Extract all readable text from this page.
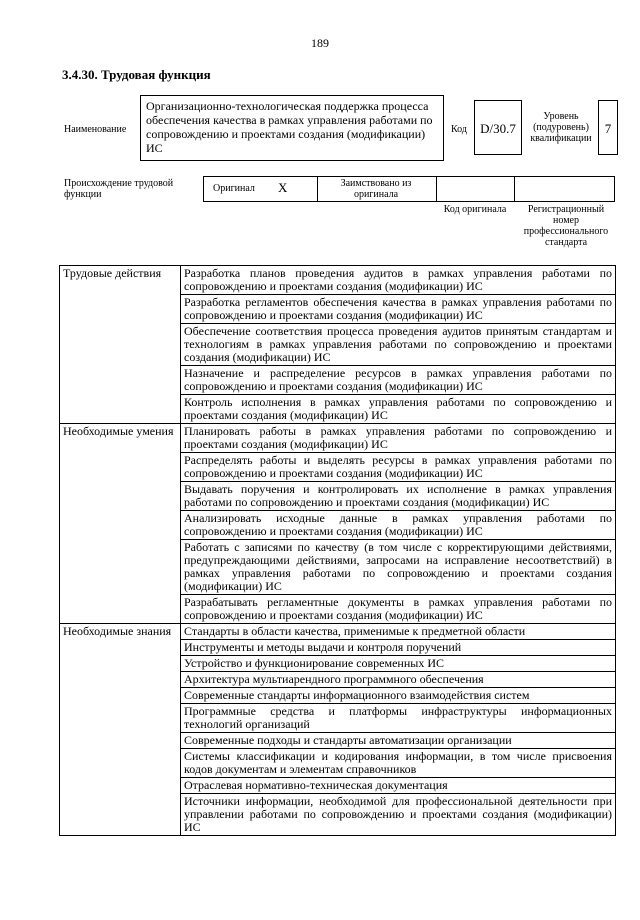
189
3.4.30. Трудовая функция
Наименование
Организационно-технологическая поддержка процесса обеспечения качества в рамках управления работами по сопровождению и проектами создания (модификации) ИС
Код	D/30.7
Уровень (подуровень) квалификации
7
Происхождение трудовой функции
Оригинал X	Заимствовано из оригинала
Код оригинала	Регистрационный номер профессионального стандарта
Трудовые действия	Разработка планов проведения аудитов в рамках управления работами по сопровождению и проектами создания (модификации) ИС
	Разработка регламентов обеспечения качества в рамках управления работами по сопровождению и проектами создания (модификации) ИС
	Обеспечение соответствия процесса проведения аудитов принятым стандартам и технологиям в рамках управления работами по сопровождению и проектами создания (модификации) ИС
	Назначение и распределение ресурсов в рамках управления работами по сопровождению и проектами создания (модификации) ИС
	Контроль исполнения в рамках управления работами по сопровождению и проектами создания (модификации) ИС
Необходимые умения	Планировать работы в рамках управления работами по сопровождению и проектами создания (модификации) ИС
	Распределять работы и выделять ресурсы в рамках управления работами по сопровождению и проектами создания (модификации) ИС
	Выдавать поручения и контролировать их исполнение в рамках управления работами по сопровождению и проектами создания (модификации) ИС
	Анализировать исходные данные в рамках управления работами по сопровождению и проектами создания (модификации) ИС
	Работать с записями по качеству (в том числе с корректирующими действиями, предупреждающими действиями, запросами на исправление несоответствий) в рамках управления работами по сопровождению и проектами создания (модификации) ИС
	Разрабатывать регламентные документы в рамках управления работами по сопровождению и проектами создания (модификации) ИС
Необходимые знания	Стандарты в области качества, применимые к предметной области
	Инструменты и методы выдачи и контроля поручений
	Устройство и функционирование современных ИС
	Архитектура мультиарендного программного обеспечения
	Современные стандарты информационного взаимодействия систем
	Программные средства и платформы инфраструктуры информационных технологий организаций
	Современные подходы и стандарты автоматизации организации
	Системы классификации и кодирования информации, в том числе присвоения кодов документам и элементам справочников
	Отраслевая нормативно-техническая документация
	Источники информации, необходимой для профессиональной деятельности при управлении работами по сопровождению и проектами создания (модификации) ИС
